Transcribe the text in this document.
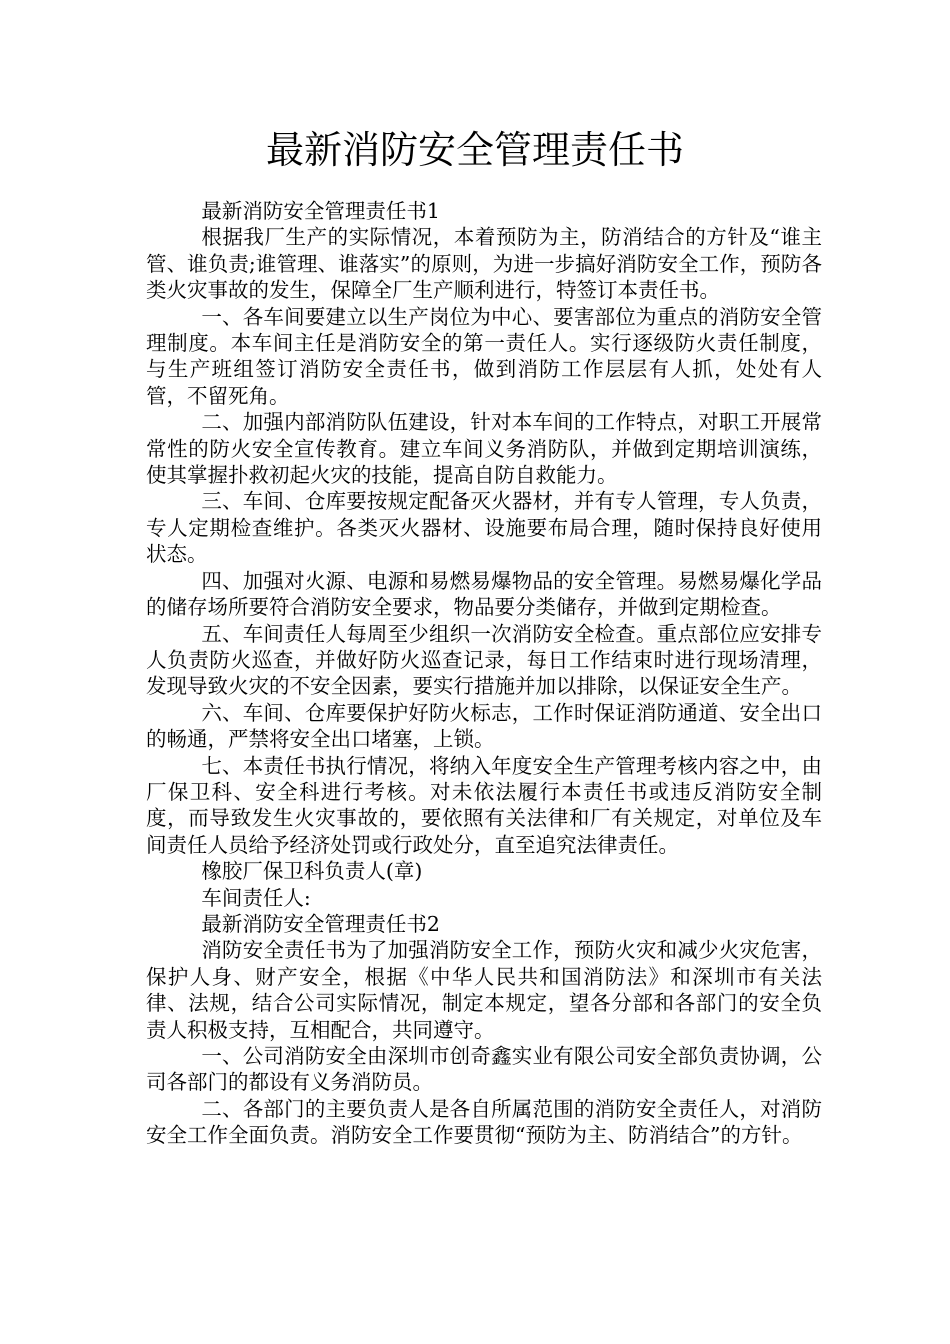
最新消防安全管理责任书

最新消防安全管理责任书1

根据我厂生产的实际情况，本着预防为主，防消结合的方针及“谁主管、谁负责;谁管理、谁落实”的原则，为进一步搞好消防安全工作，预防各类火灾事故的发生，保障全厂生产顺利进行，特签订本责任书。

一、各车间要建立以生产岗位为中心、要害部位为重点的消防安全管理制度。本车间主任是消防安全的第一责任人。实行逐级防火责任制度，与生产班组签订消防安全责任书，做到消防工作层层有人抓，处处有人管，不留死角。

二、加强内部消防队伍建设，针对本车间的工作特点，对职工开展常常性的防火安全宣传教育。建立车间义务消防队，并做到定期培训演练，使其掌握扑救初起火灾的技能，提高自防自救能力。

三、车间、仓库要按规定配备灭火器材，并有专人管理，专人负责，专人定期检查维护。各类灭火器材、设施要布局合理，随时保持良好使用状态。

四、加强对火源、电源和易燃易爆物品的安全管理。易燃易爆化学品的储存场所要符合消防安全要求，物品要分类储存，并做到定期检查。

五、车间责任人每周至少组织一次消防安全检查。重点部位应安排专人负责防火巡查，并做好防火巡查记录，每日工作结束时进行现场清理，发现导致火灾的不安全因素，要实行措施并加以排除，以保证安全生产。

六、车间、仓库要保护好防火标志，工作时保证消防通道、安全出口的畅通，严禁将安全出口堵塞，上锁。

七、本责任书执行情况，将纳入年度安全生产管理考核内容之中，由厂保卫科、安全科进行考核。对未依法履行本责任书或违反消防安全制度，而导致发生火灾事故的，要依照有关法律和厂有关规定，对单位及车间责任人员给予经济处罚或行政处分，直至追究法律责任。

橡胶厂保卫科负责人(章)

车间责任人:

最新消防安全管理责任书2

消防安全责任书为了加强消防安全工作，预防火灾和减少火灾危害，保护人身、财产安全，根据《中华人民共和国消防法》和深圳市有关法律、法规，结合公司实际情况，制定本规定，望各分部和各部门的安全负责人积极支持，互相配合，共同遵守。

一、公司消防安全由深圳市创奇鑫实业有限公司安全部负责协调，公司各部门的都设有义务消防员。

二、各部门的主要负责人是各自所属范围的消防安全责任人，对消防安全工作全面负责。消防安全工作要贯彻“预防为主、防消结合”的方针。
